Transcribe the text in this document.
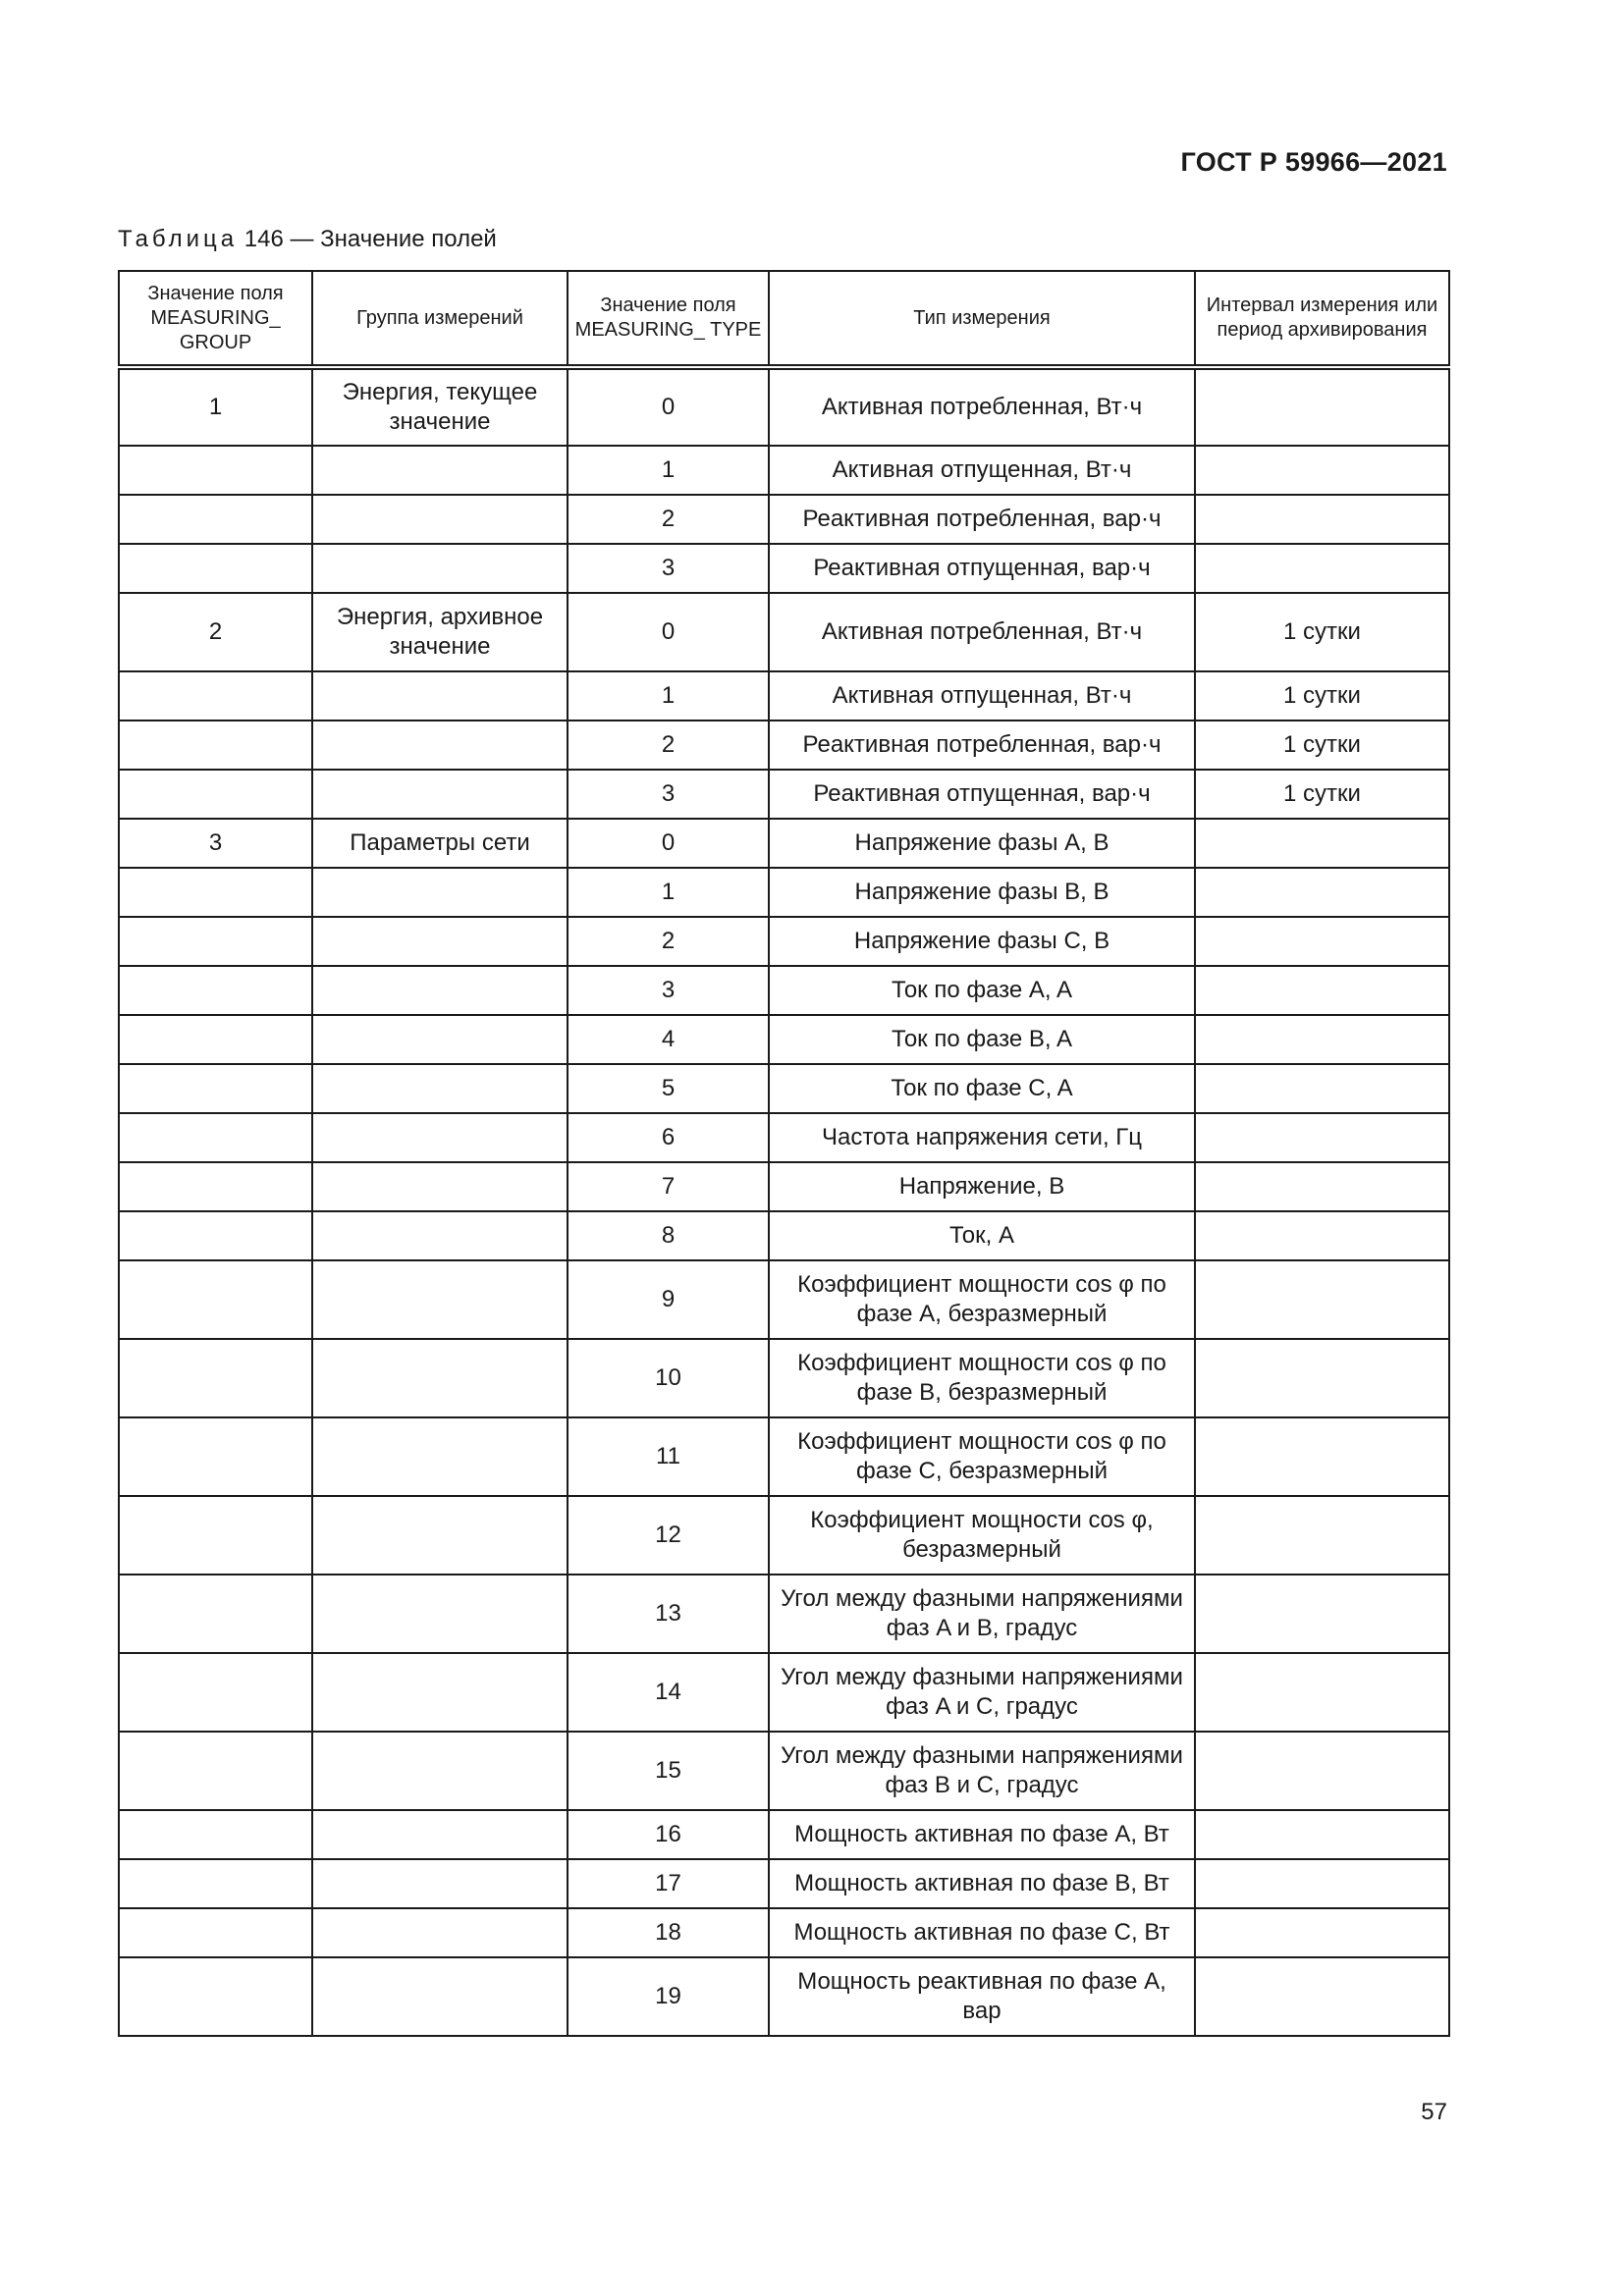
ГОСТ Р 59966—2021
Таблица 146 — Значение полей
Значение поля MEASURING_ GROUP	Группа измерений	Значение поля MEASURING_ TYPE	Тип измерения	Интервал измерения или период архивирования
1	Энергия, текущее значение	0	Активная потребленная, Вт·ч	
		1	Активная отпущенная, Вт·ч	
		2	Реактивная потребленная, вар·ч	
		3	Реактивная отпущенная, вар·ч	
2	Энергия, архивное значение	0	Активная потребленная, Вт·ч	1 сутки
		1	Активная отпущенная, Вт·ч	1 сутки
		2	Реактивная потребленная, вар·ч	1 сутки
		3	Реактивная отпущенная, вар·ч	1 сутки
3	Параметры сети	0	Напряжение фазы A, B	
		1	Напряжение фазы B, B	
		2	Напряжение фазы C, B	
		3	Ток по фазе A, A	
		4	Ток по фазе B, A	
		5	Ток по фазе C, A	
		6	Частота напряжения сети, Гц	
		7	Напряжение, В	
		8	Ток, А	
		9	Коэффициент мощности cos φ по фазе A, безразмерный	
		10	Коэффициент мощности cos φ по фазе B, безразмерный	
		11	Коэффициент мощности cos φ по фазе C, безразмерный	
		12	Коэффициент мощности cos φ, безразмерный	
		13	Угол между фазными напряжениями фаз A и B, градус	
		14	Угол между фазными напряжениями фаз A и C, градус	
		15	Угол между фазными напряжениями фаз B и C, градус	
		16	Мощность активная по фазе A, Вт	
		17	Мощность активная по фазе B, Вт	
		18	Мощность активная по фазе C, Вт	
		19	Мощность реактивная по фазе A, вар	
57
